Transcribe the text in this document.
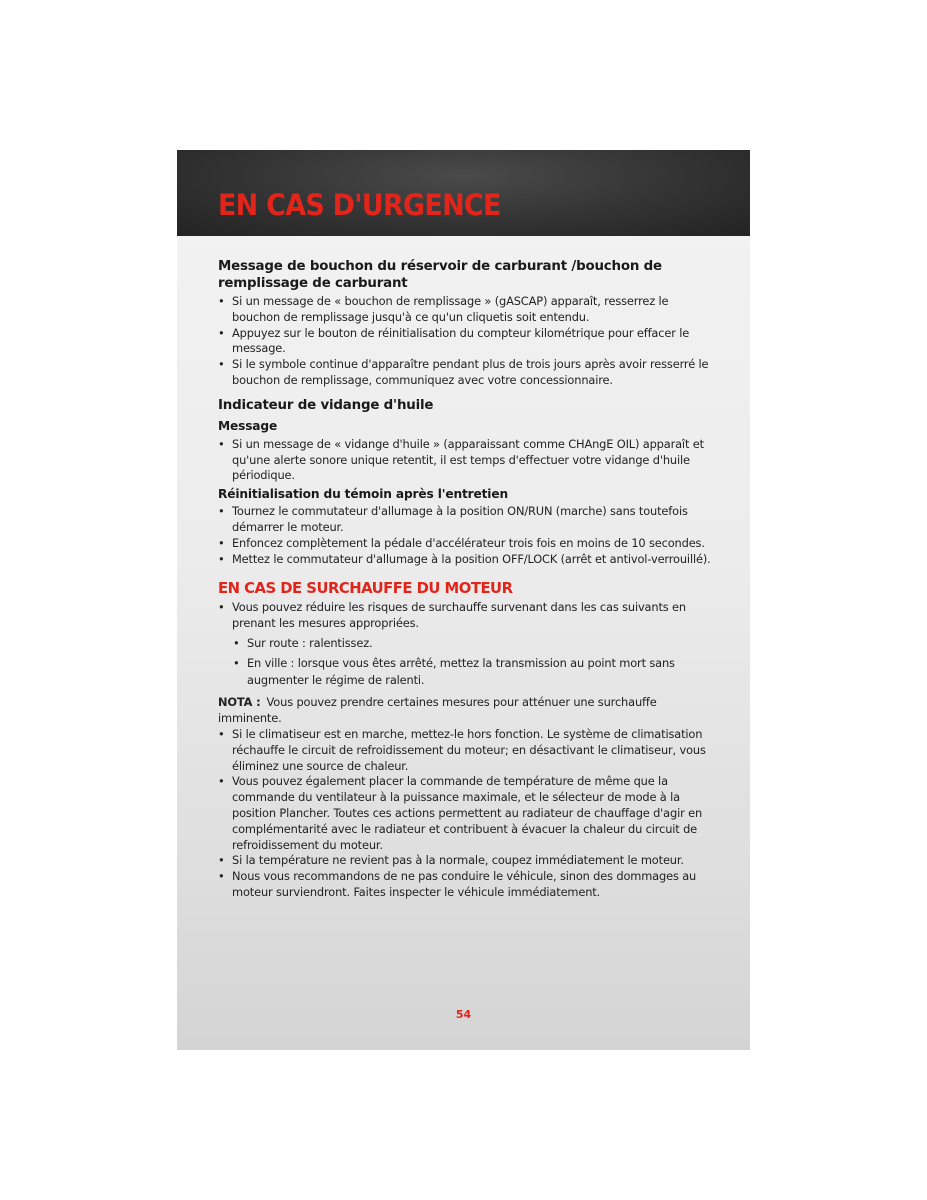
EN CAS D'URGENCE
Message de bouchon du réservoir de carburant /bouchon de remplissage de carburant
• Si un message de « bouchon de remplissage » (gASCAP) apparaît, resserrez le bouchon de remplissage jusqu'à ce qu'un cliquetis soit entendu.
• Appuyez sur le bouton de réinitialisation du compteur kilométrique pour effacer le message.
• Si le symbole continue d'apparaître pendant plus de trois jours après avoir resserré le bouchon de remplissage, communiquez avec votre concessionnaire.
Indicateur de vidange d'huile
Message
• Si un message de « vidange d'huile » (apparaissant comme CHAngE OIL) apparaît et qu'une alerte sonore unique retentit, il est temps d'effectuer votre vidange d'huile périodique.
Réinitialisation du témoin après l'entretien
• Tournez le commutateur d'allumage à la position ON/RUN (marche) sans toutefois démarrer le moteur.
• Enfoncez complètement la pédale d'accélérateur trois fois en moins de 10 secondes.
• Mettez le commutateur d'allumage à la position OFF/LOCK (arrêt et antivol-verrouillé).
EN CAS DE SURCHAUFFE DU MOTEUR
• Vous pouvez réduire les risques de surchauffe survenant dans les cas suivants en prenant les mesures appropriées.
• Sur route : ralentissez.
• En ville : lorsque vous êtes arrêté, mettez la transmission au point mort sans augmenter le régime de ralenti.

NOTA : Vous pouvez prendre certaines mesures pour atténuer une surchauffe imminente.

• Si le climatiseur est en marche, mettez-le hors fonction. Le système de climatisation réchauffe le circuit de refroidissement du moteur; en désactivant le climatiseur, vous éliminez une source de chaleur.
• Vous pouvez également placer la commande de température de même que la commande du ventilateur à la puissance maximale, et le sélecteur de mode à la position Plancher. Toutes ces actions permettent au radiateur de chauffage d'agir en complémentarité avec le radiateur et contribuent à évacuer la chaleur du circuit de refroidissement du moteur.
• Si la température ne revient pas à la normale, coupez immédiatement le moteur.
• Nous vous recommandons de ne pas conduire le véhicule, sinon des dommages au moteur surviendront. Faites inspecter le véhicule immédiatement.
54
